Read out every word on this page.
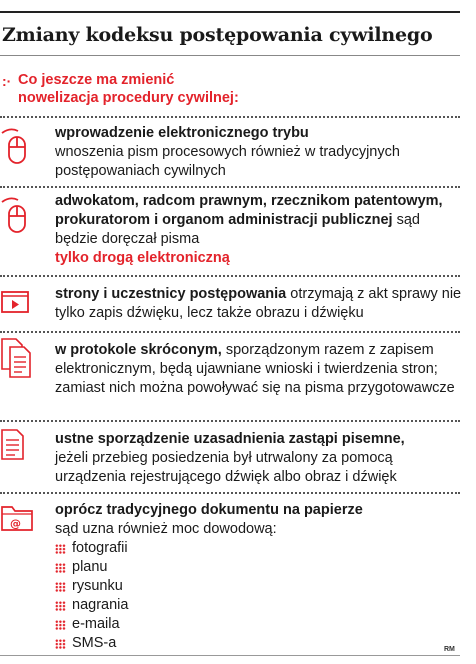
Zmiany kodeksu postępowania cywilnego
:· Co jeszcze ma zmienić
nowelizacja procedury cywilnej:
wprowadzenie elektronicznego trybu
wnoszenia pism procesowych również w tradycyjnych postępowaniach cywilnych
adwokatom, radcom prawnym, rzecznikom patentowym, prokuratorom i organom administracji publicznej sąd będzie doręczał pisma
tylko drogą elektroniczną
strony i uczestnicy postępowania otrzymają z akt sprawy nie tylko zapis dźwięku, lecz także obrazu i dźwięku
w protokole skróconym, sporządzonym razem z zapisem elektronicznym, będą ujawniane wnioski i twierdzenia stron; zamiast nich można powoływać się na pisma przygotowawcze
ustne sporządzenie uzasadnienia zastąpi pisemne,
jeżeli przebieg posiedzenia był utrwalony za pomocą urządzenia rejestrującego dźwięk albo obraz i dźwięk
@
oprócz tradycyjnego dokumentu na papierze
sąd uzna również moc dowodową:
fotografii
planu
rysunku
nagrania
e-maila
SMS-a	RM
